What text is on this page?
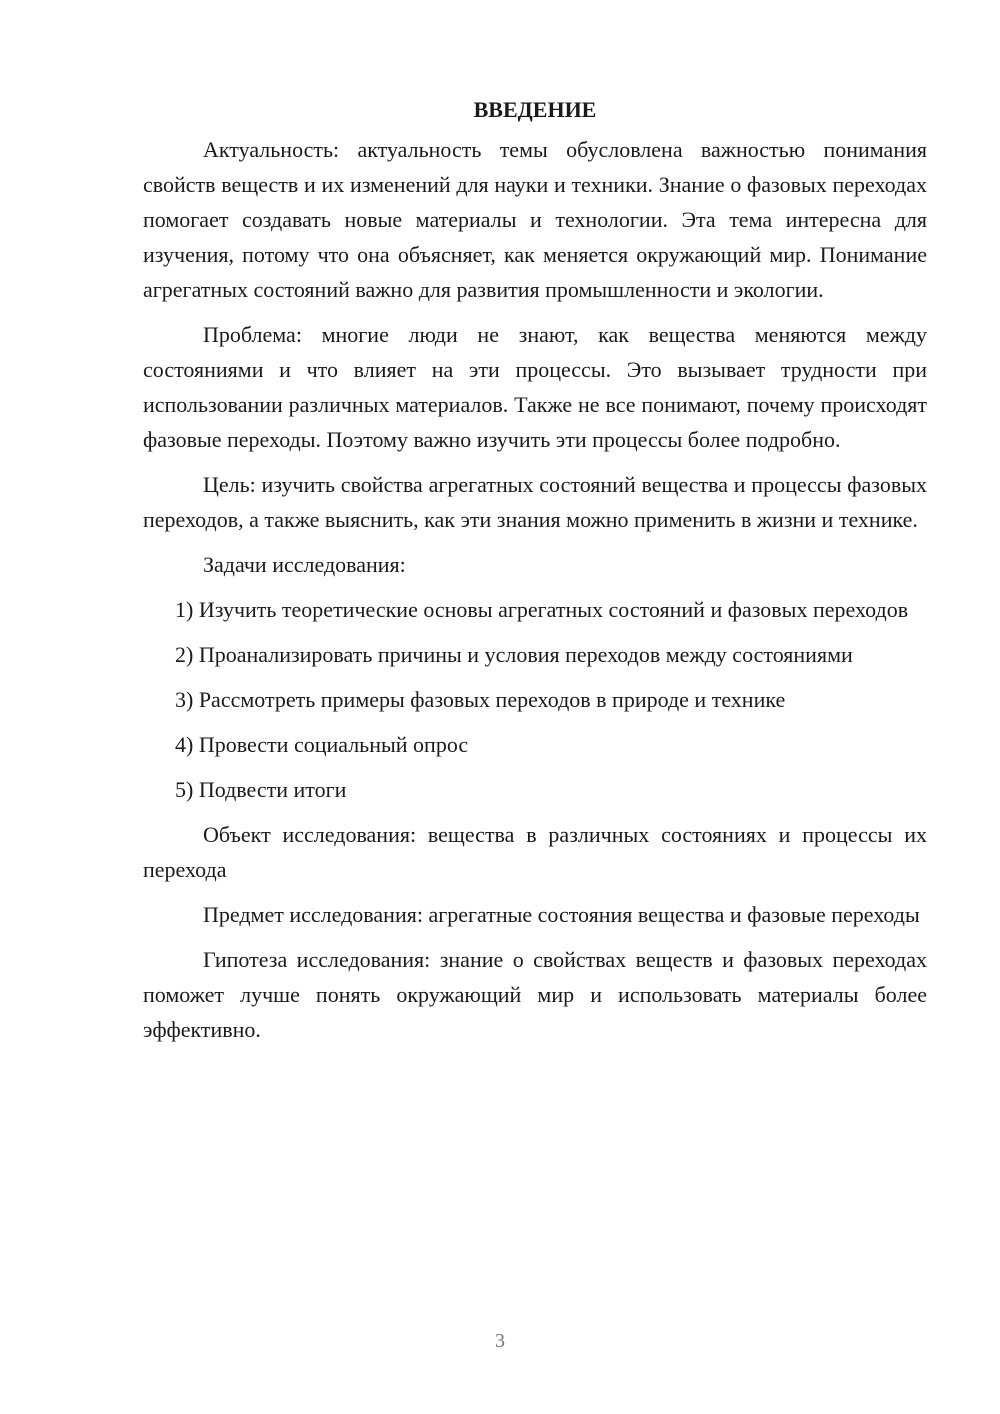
ВВЕДЕНИЕ

Актуальность: актуальность темы обусловлена важностью понимания свойств веществ и их изменений для науки и техники. Знание о фазовых переходах помогает создавать новые материалы и технологии. Эта тема интересна для изучения, потому что она объясняет, как меняется окружающий мир. Понимание агрегатных состояний важно для развития промышленности и экологии.

Проблема: многие люди не знают, как вещества меняются между состояниями и что влияет на эти процессы. Это вызывает трудности при использовании различных материалов. Также не все понимают, почему происходят фазовые переходы. Поэтому важно изучить эти процессы более подробно.

Цель: изучить свойства агрегатных состояний вещества и процессы фазовых переходов, а также выяснить, как эти знания можно применить в жизни и технике.

Задачи исследования:

1) Изучить теоретические основы агрегатных состояний и фазовых переходов

2) Проанализировать причины и условия переходов между состояниями

3) Рассмотреть примеры фазовых переходов в природе и технике

4) Провести социальный опрос

5) Подвести итоги

Объект исследования: вещества в различных состояниях и процессы их перехода

Предмет исследования: агрегатные состояния вещества и фазовые переходы

Гипотеза исследования: знание о свойствах веществ и фазовых переходах поможет лучше понять окружающий мир и использовать материалы более эффективно.

3
